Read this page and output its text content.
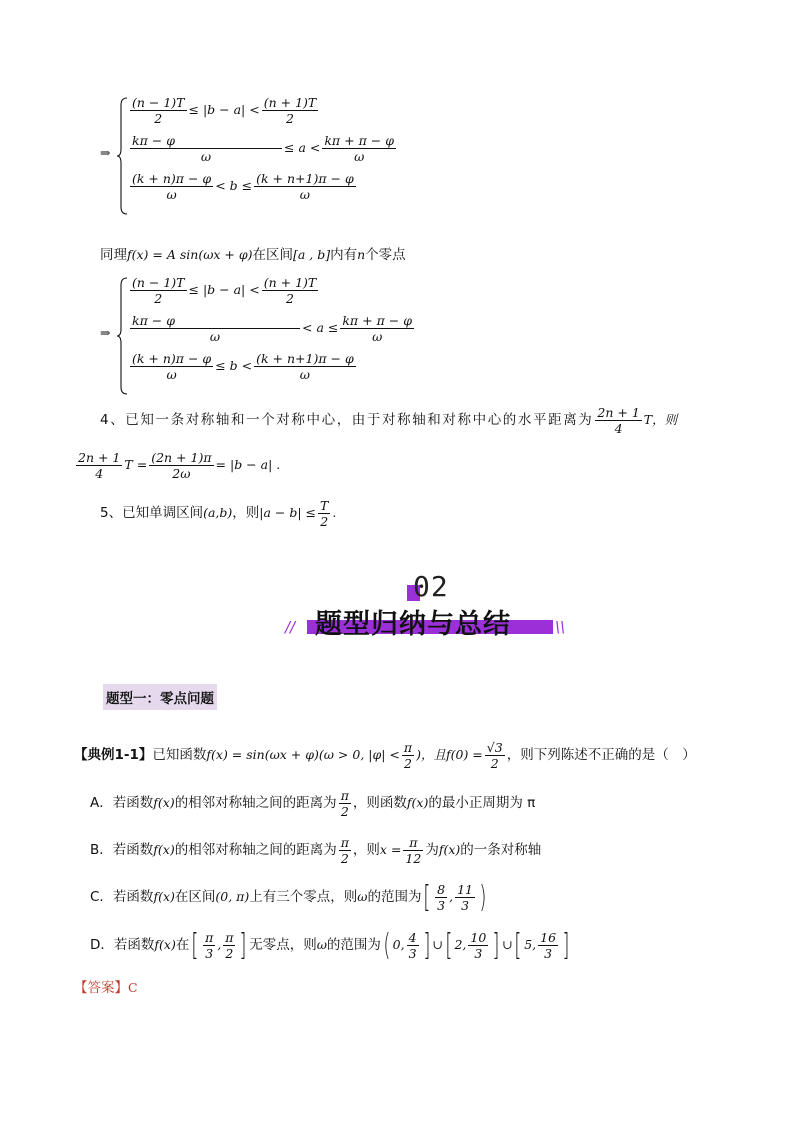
⇒
$\frac{(n - 1)T}{2} \le |b - a| < \frac{(n + 1)T}{2}$
$\frac{k\pi - \varphi}{\omega} \le a < \frac{k\pi + \pi - \varphi}{\omega}$
$\frac{(k + n)\pi - \varphi}{\omega} < b \le \frac{(k + n+1)\pi - \varphi}{\omega}$
同理f(x) = A sin(ωx + φ)在区间[a , b]内有n个零点
⇒
$\frac{(n - 1)T}{2} \le |b - a| < \frac{(n + 1)T}{2}$
$\frac{k\pi - \varphi}{\omega} < a \le \frac{k\pi + \pi - \varphi}{\omega}$
$\frac{(k + n)\pi - \varphi}{\omega} \le b < \frac{(k + n+1)\pi - \varphi}{\omega}$
4、已知一条对称轴和一个对称中心，由于对称轴和对称中心的水平距离为 $\frac{2n + 1}{4}$ T，则
$\frac{2n + 1}{4}$ $T = \frac{(2n + 1)\pi}{2\omega} = |b - a|$ .
5、已知单调区间(a,b)，则$|a - b| \le \frac{T}{2}$ .
02
// 题型归纳与总结	\\
题型一：零点问题
【典例1-1】已知函数f(x) = sin(ωx + φ)(ω > 0, $|\varphi| < \frac{\pi}{2}$ )，且$f(0) = \frac{√3}{2}$ ，则下列陈述不正确的是（　）
A．若函数f(x)的相邻对称轴之间的距离为 $\frac{\pi}{2}$ ，则函数f(x)的最小正周期为 π
B．若函数f(x)的相邻对称轴之间的距离为 $\frac{\pi}{2}$ ，则$x = \frac{\pi}{12}$ 为f(x)的一条对称轴
C．若函数f(x)在区间(0, π)上有三个零点，则ω的范围为[ $\frac{8}{3}$ , $\frac{11}{3}$ )
D．若函数f(x)在[ $\frac{\pi}{3}$ , $\frac{\pi}{2}$ ] 无零点，则ω的范围为( 0, $\frac{4}{3}$ ] ∪[ 2, $\frac{10}{3}$ ] ∪[ 5, $\frac{16}{3}$ ]
【答案】C
